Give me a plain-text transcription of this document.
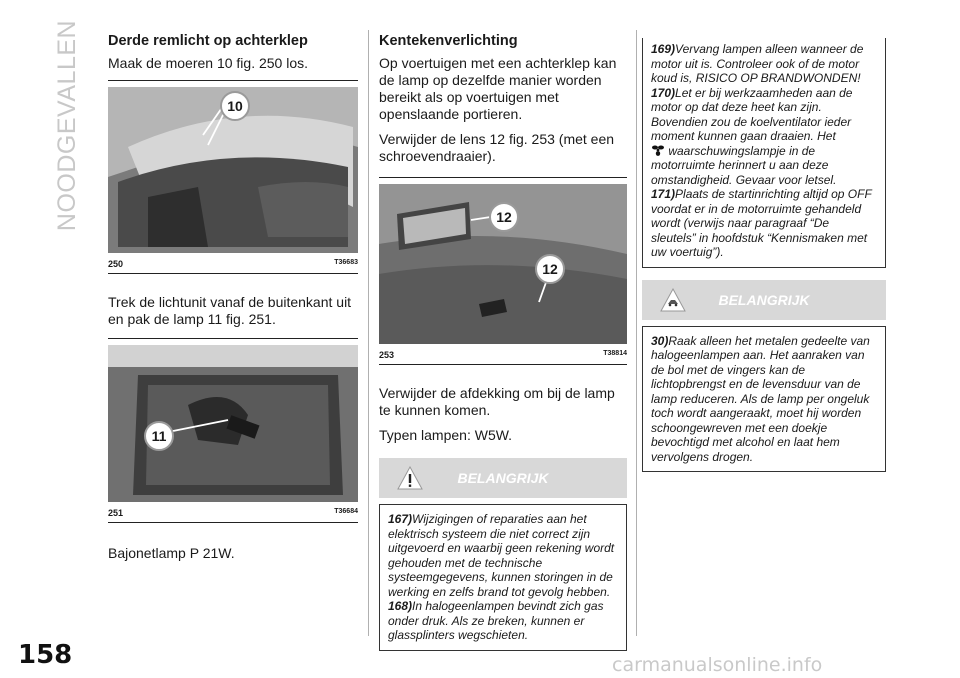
NOODGEVALLEN
158	carmanualsonline.info
Derde remlicht op achterklep
Maak de moeren 10 fig. 250 los.
10
250	T36683
Trek de lichtunit vanaf de buitenkant uit en pak de lamp 11 fig. 251.
11
251	T36684
Bajonetlamp P 21W.
Kentekenverlichting
Op voertuigen met een achterklep kan de lamp op dezelfde manier worden bereikt als op voertuigen met openslaande portieren.
Verwijder de lens 12 fig. 253 (met een schroevendraaier).
12
12
253	T38814
Verwijder de afdekking om bij de lamp te kunnen komen.
Typen lampen: W5W.
BELANGRIJK
167)Wijzigingen of reparaties aan het elektrisch systeem die niet correct zijn uitgevoerd en waarbij geen rekening wordt gehouden met de technische systeemgegevens, kunnen storingen in de werking en zelfs brand tot gevolg hebben.
168)In halogeenlampen bevindt zich gas onder druk. Als ze breken, kunnen er glassplinters wegschieten.
169)Vervang lampen alleen wanneer de motor uit is. Controleer ook of de motor koud is, RISICO OP BRANDWONDEN!
170)Let er bij werkzaamheden aan de motor op dat deze heet kan zijn. Bovendien zou de koelventilator ieder moment kunnen gaan draaien. Het
waarschuwingslampje in de motorruimte herinnert u aan deze omstandigheid. Gevaar voor letsel.
171)Plaats de startinrichting altijd op OFF voordat er in de motorruimte gehandeld wordt (verwijs naar paragraaf “De sleutels” in hoofdstuk “Kennismaken met uw voertuig”).
BELANGRIJK
30)Raak alleen het metalen gedeelte van halogeenlampen aan. Het aanraken van de bol met de vingers kan de lichtopbrengst en de levensduur van de lamp reduceren. Als de lamp per ongeluk toch wordt aangeraakt, moet hij worden schoongewreven met een doekje bevochtigd met alcohol en laat hem vervolgens drogen.
